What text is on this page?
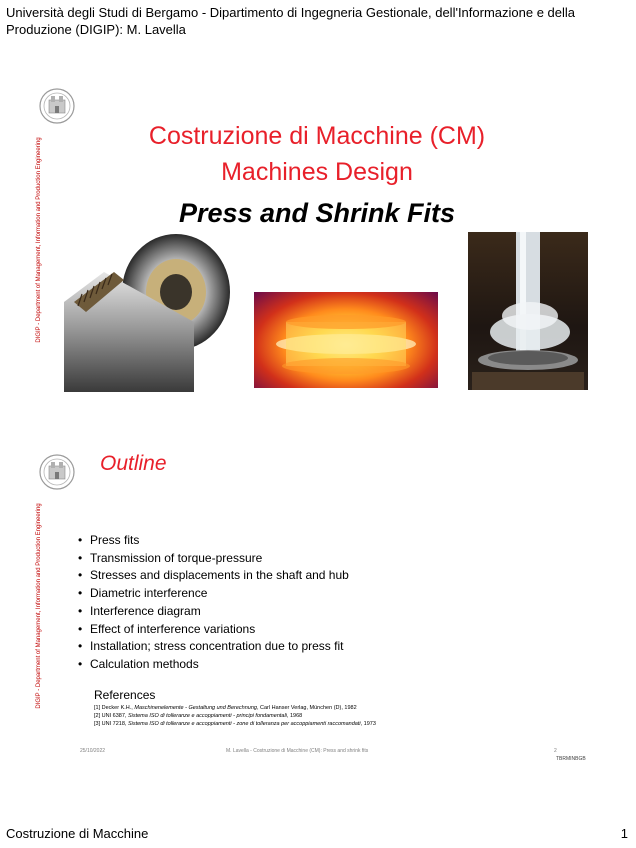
Università degli Studi di Bergamo - Dipartimento di Ingegneria Gestionale, dell'Informazione e della Produzione (DIGIP): M. Lavella
DIGIP - Department of Management, Information and Production Engineering
Costruzione di Macchine (CM)
Machines Design
Press and Shrink Fits
DIGIP - Department of Management, Information and Production Engineering
Outline
• Press fits
• Transmission of torque-pressure
• Stresses and displacements in the shaft and hub
• Diametric interference
• Interference diagram
• Effect of interference variations
• Installation; stress concentration due to press fit
• Calculation methods
References
[1] Decker K.H., Maschinenelemente - Gestaltung und Berechnung, Carl Hanser Verlag, München (D), 1982
[2] UNI 6387, Sistema ISO di tolleranze e accoppiamenti - principi fondamentali, 1968
[3] UNI 7218, Sistema ISO di tolleranze e accoppiamenti - zone di tolleranza per accoppiamenti raccomandati, 1973
25/10/2022	M. Lavella - Costruzione di Macchine (CM): Press and shrink fits	2
TBRMINBGB
Costruzione di Macchine	1
